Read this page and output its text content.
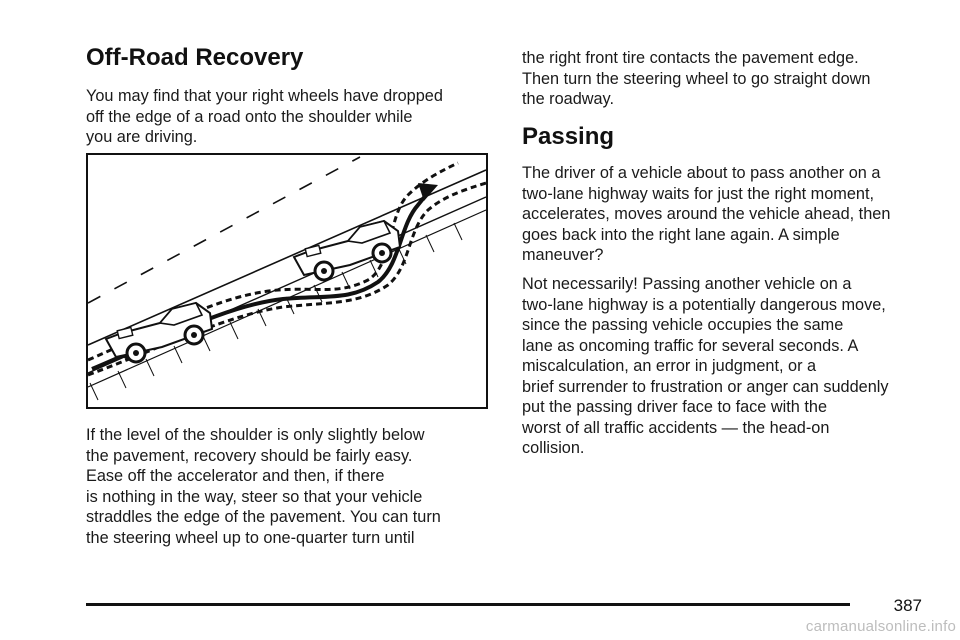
Off-Road Recovery

You may find that your right wheels have dropped
off the edge of a road onto the shoulder while
you are driving.

If the level of the shoulder is only slightly below
the pavement, recovery should be fairly easy.
Ease off the accelerator and then, if there
is nothing in the way, steer so that your vehicle
straddles the edge of the pavement. You can turn
the steering wheel up to one-quarter turn until

the right front tire contacts the pavement edge.
Then turn the steering wheel to go straight down
the roadway.

Passing

The driver of a vehicle about to pass another on a
two-lane highway waits for just the right moment,
accelerates, moves around the vehicle ahead, then
goes back into the right lane again. A simple
maneuver?

Not necessarily! Passing another vehicle on a
two-lane highway is a potentially dangerous move,
since the passing vehicle occupies the same
lane as oncoming traffic for several seconds. A
miscalculation, an error in judgment, or a
brief surrender to frustration or anger can suddenly
put the passing driver face to face with the
worst of all traffic accidents — the head-on
collision.

387
carmanualsonline.info
